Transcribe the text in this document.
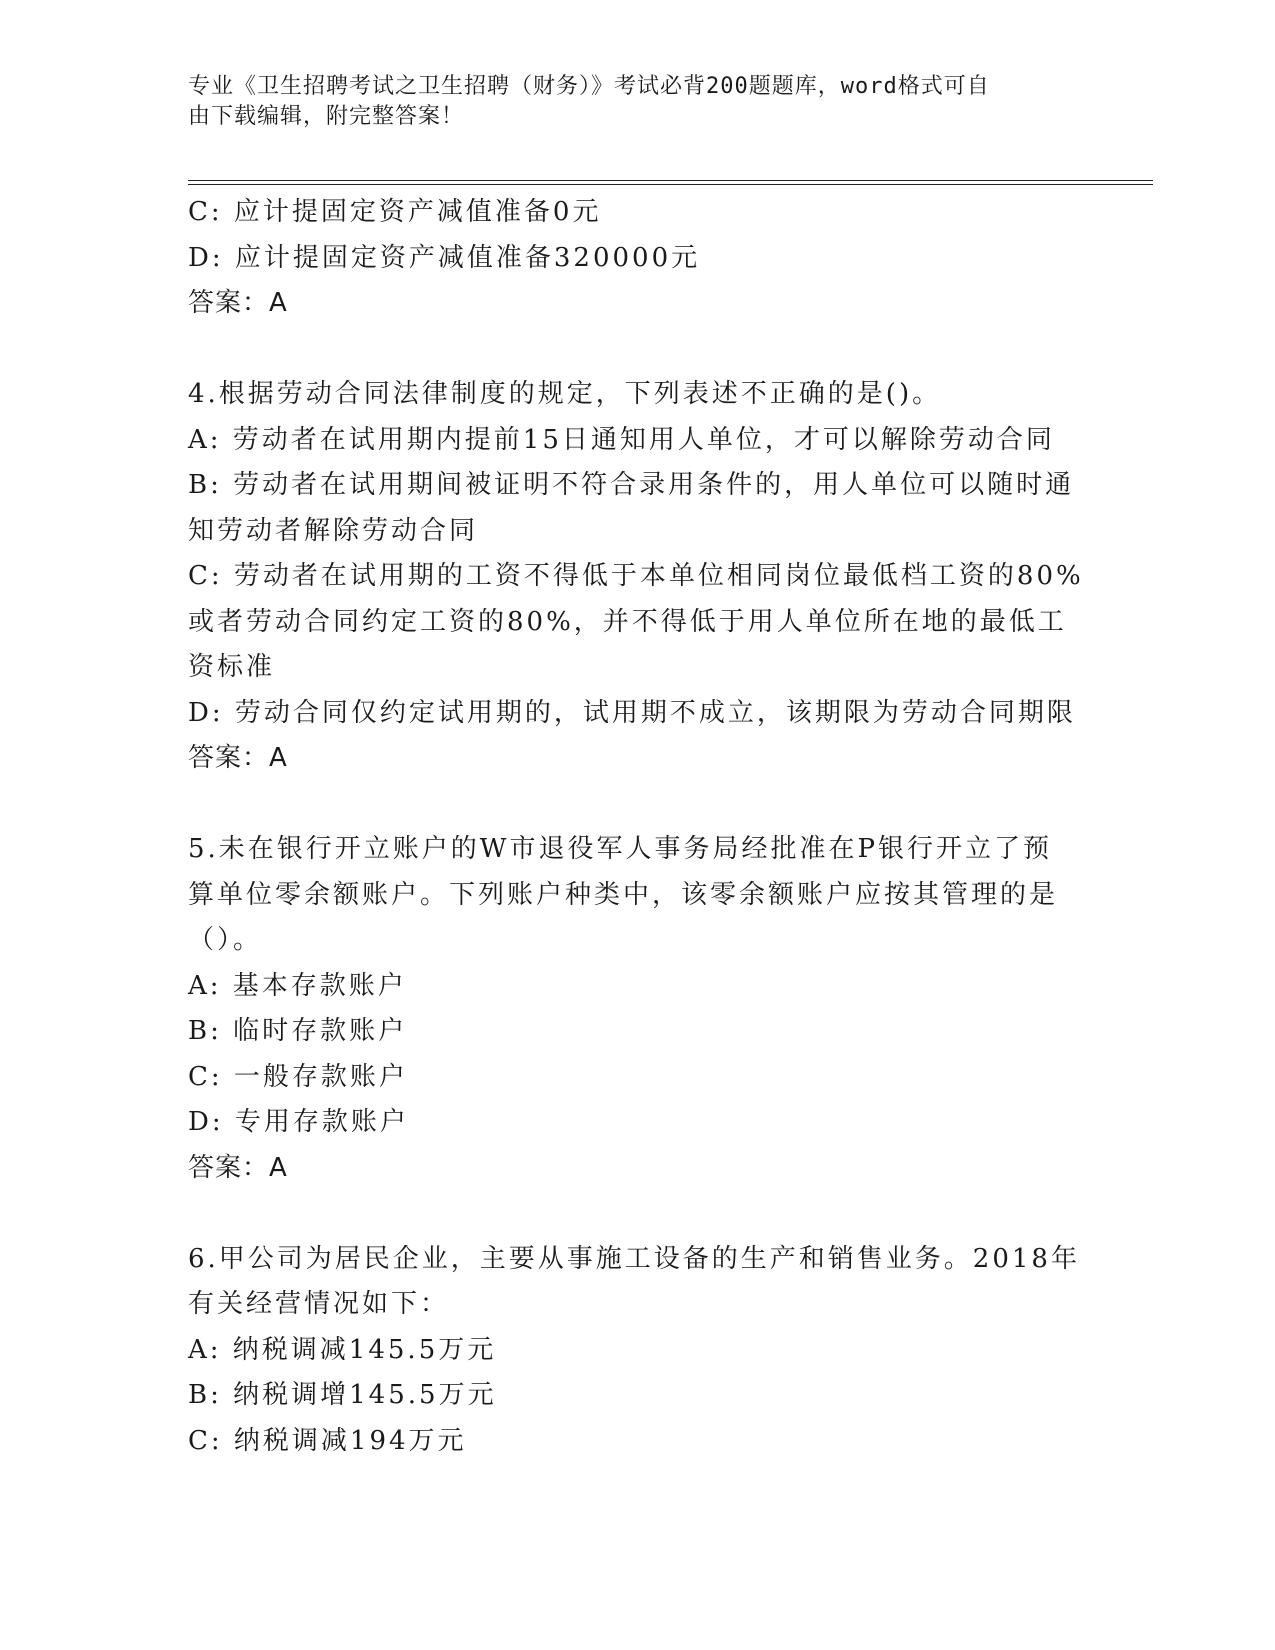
专业《卫生招聘考试之卫生招聘（财务）》考试必背200题题库，word格式可自
由下载编辑，附完整答案！
C: 应计提固定资产减值准备0元
D: 应计提固定资产减值准备320000元
答案：A
4.根据劳动合同法律制度的规定，下列表述不正确的是()。
A: 劳动者在试用期内提前15日通知用人单位，才可以解除劳动合同
B: 劳动者在试用期间被证明不符合录用条件的，用人单位可以随时通
知劳动者解除劳动合同
C: 劳动者在试用期的工资不得低于本单位相同岗位最低档工资的80%
或者劳动合同约定工资的80%，并不得低于用人单位所在地的最低工
资标准
D: 劳动合同仅约定试用期的，试用期不成立，该期限为劳动合同期限
答案：A
5.未在银行开立账户的W市退役军人事务局经批准在P银行开立了预
算单位零余额账户。下列账户种类中，该零余额账户应按其管理的是
（）。
A: 基本存款账户
B: 临时存款账户
C: 一般存款账户
D: 专用存款账户
答案：A
6.甲公司为居民企业，主要从事施工设备的生产和销售业务。2018年
有关经营情况如下：
A: 纳税调减145.5万元
B: 纳税调增145.5万元
C: 纳税调减194万元
